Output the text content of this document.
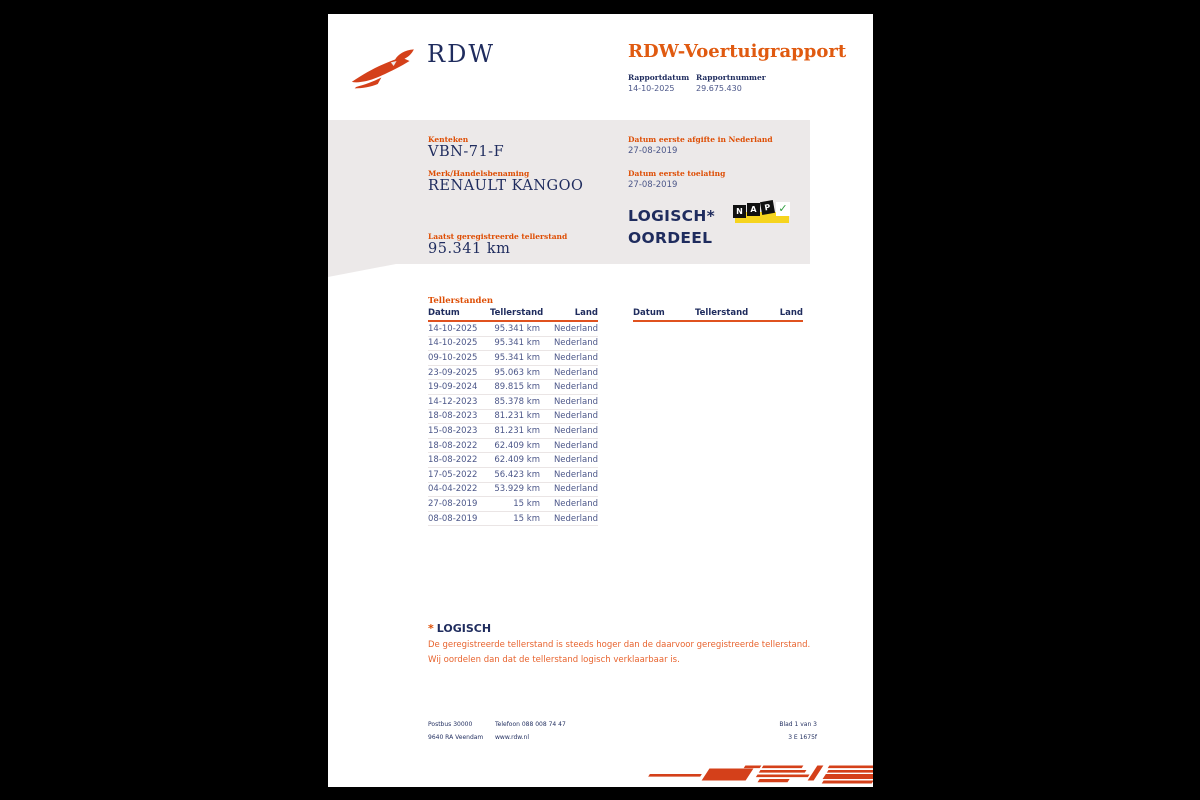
RDW	RDW-Voertuigrapport
Rapportdatum Rapportnummer
14-10-2025	29.675.430
Kenteken
VBN-71-F
Merk/Handelsbenaming
RENAULT KANGOO
Laatst geregistreerde tellerstand
95.341 km
Datum eerste afgifte in Nederland
27-08-2019
Datum eerste toelating
27-08-2019
LOGISCH*
OORDEEL
N A P ✓
Tellerstanden
Datum	Tellerstand	Land
14-10-2025	95.341 km	Nederland
14-10-2025	95.341 km	Nederland
09-10-2025	95.341 km	Nederland
23-09-2025	95.063 km	Nederland
19-09-2024	89.815 km	Nederland
14-12-2023	85.378 km	Nederland
18-08-2023	81.231 km	Nederland
15-08-2023	81.231 km	Nederland
18-08-2022	62.409 km	Nederland
18-08-2022	62.409 km	Nederland
17-05-2022	56.423 km	Nederland
04-04-2022	53.929 km	Nederland
27-08-2019	15 km	Nederland
08-08-2019	15 km	Nederland
Datum	Tellerstand	Land
* LOGISCH
De geregistreerde tellerstand is steeds hoger dan de daarvoor geregistreerde tellerstand. Wij oordelen dan dat de tellerstand logisch verklaarbaar is.
Postbus 30000
9640 RA Veendam
Telefoon 088 008 74 47
www.rdw.nl
Blad 1 van 3
3 E 1675f
